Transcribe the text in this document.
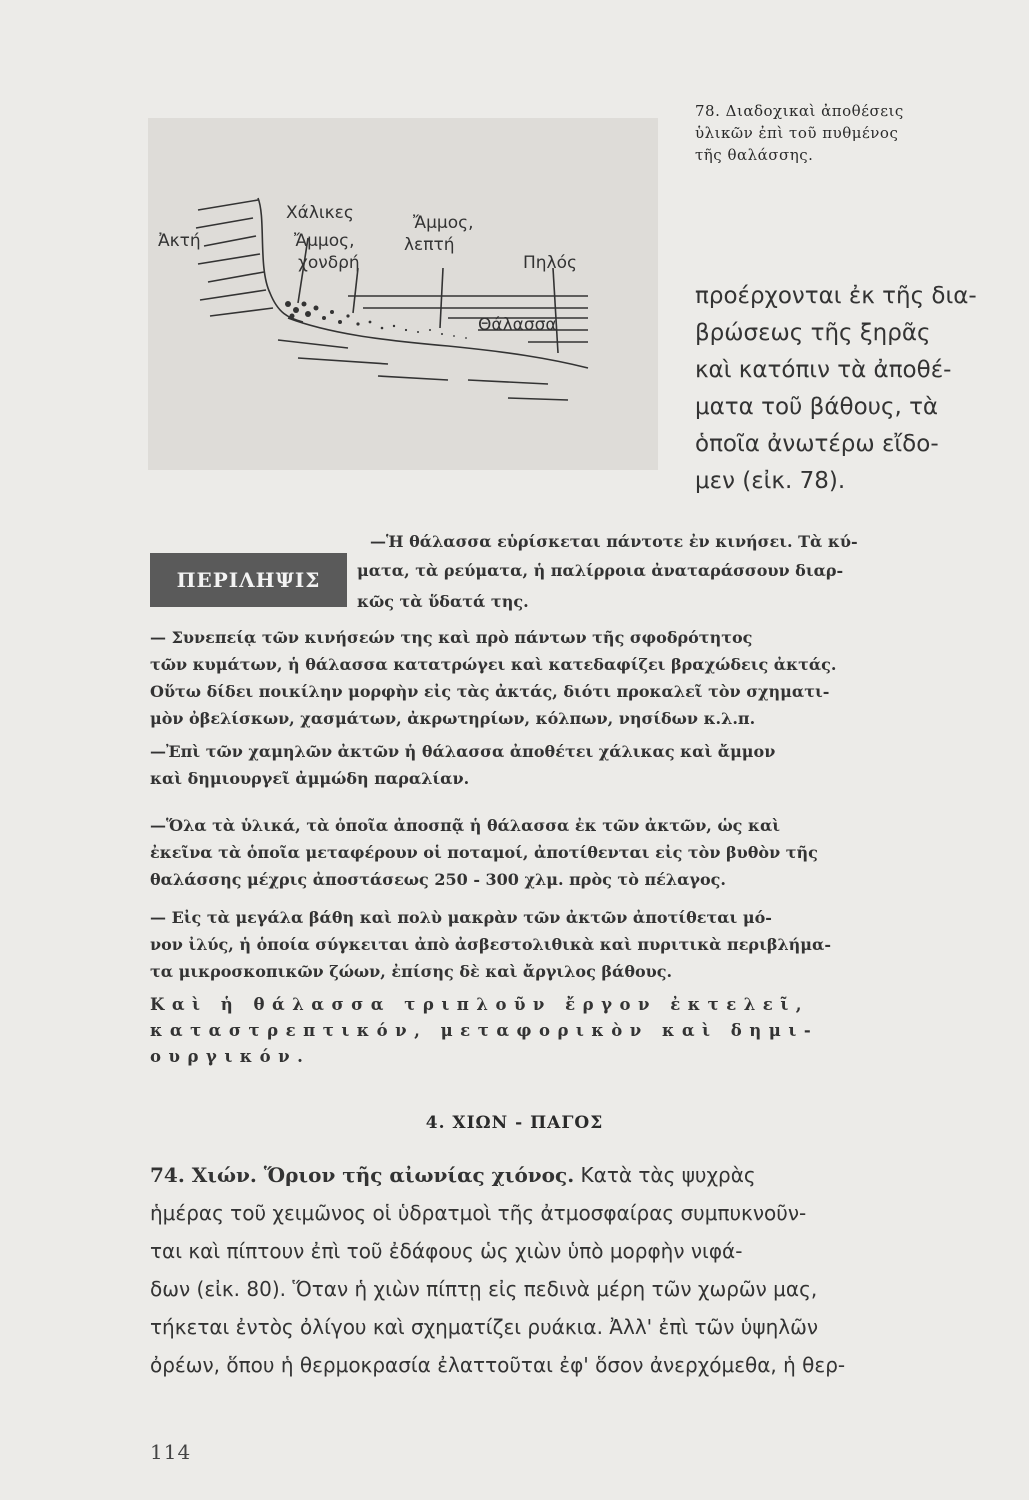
Ἀκτή
Χάλικες
Ἄμμος,
χονδρή
Ἄμμος,
λεπτή
Πηλός
Θάλασσα
78. Διαδοχικαὶ ἀποθέσεις
ὑλικῶν ἐπὶ τοῦ πυθμένος
τῆς θαλάσσης.
προέρχονται ἐκ τῆς δια-
βρώσεως τῆς ξηρᾶς
καὶ κατόπιν τὰ ἀποθέ-
ματα τοῦ βάθους, τὰ
ὁποῖα ἀνωτέρω εἴδο-
μεν (εἰκ. 78).
ΠΕΡΙΛΗΨΙΣ
—Ἡ θάλασσα εὑρίσκεται πάντοτε ἐν κινήσει. Τὰ κύ-
ματα, τὰ ρεύματα, ἡ παλίρροια ἀναταράσσουν διαρ-
κῶς τὰ ὕδατά της.
— Συνεπείᾳ τῶν κινήσεών της καὶ πρὸ πάντων τῆς σφοδρότητος
τῶν κυμάτων, ἡ θάλασσα κατατρώγει καὶ κατεδαφίζει βραχώδεις ἀκτάς.
Οὕτω δίδει ποικίλην μορφὴν εἰς τὰς ἀκτάς, διότι προκαλεῖ τὸν σχηματι-
μὸν ὀβελίσκων, χασμάτων, ἀκρωτηρίων, κόλπων, νησίδων κ.λ.π.
—Ἐπὶ τῶν χαμηλῶν ἀκτῶν ἡ θάλασσα ἀποθέτει χάλικας καὶ ἄμμον
καὶ δημιουργεῖ ἀμμώδη παραλίαν.
—Ὅλα τὰ ὑλικά, τὰ ὁποῖα ἀποσπᾷ ἡ θάλασσα ἐκ τῶν ἀκτῶν, ὡς καὶ
ἐκεῖνα τὰ ὁποῖα μεταφέρουν οἱ ποταμοί, ἀποτίθενται εἰς τὸν βυθὸν τῆς
θαλάσσης μέχρις ἀποστάσεως 250 - 300 χλμ. πρὸς τὸ πέλαγος.
— Εἰς τὰ μεγάλα βάθη καὶ πολὺ μακρὰν τῶν ἀκτῶν ἀποτίθεται μό-
νον ἰλύς, ἡ ὁποία σύγκειται ἀπὸ ἀσβεστολιθικὰ καὶ πυριτικὰ περιβλήμα-
τα μικροσκοπικῶν ζώων, ἐπίσης δὲ καὶ ἄργιλος βάθους.
Καὶ ἡ θάλασσα τριπλοῦν ἔργον ἐκτελεῖ,
καταστρεπτικόν, μεταφορικὸν καὶ δημι-
ουργικόν.
4. ΧΙΩΝ - ΠΑΓΟΣ
74. Χιών. Ὅριον τῆς αἰωνίας χιόνος. Κατὰ τὰς ψυχρὰς
ἡμέρας τοῦ χειμῶνος οἱ ὑδρατμοὶ τῆς ἀτμοσφαίρας συμπυκνοῦν-
ται καὶ πίπτουν ἐπὶ τοῦ ἐδάφους ὡς χιὼν ὑπὸ μορφὴν νιφά-
δων (εἰκ. 80). Ὅταν ἡ χιὼν πίπτῃ εἰς πεδινὰ μέρη τῶν χωρῶν μας,
τήκεται ἐντὸς ὀλίγου καὶ σχηματίζει ρυάκια. Ἀλλ' ἐπὶ τῶν ὑψηλῶν
ὀρέων, ὅπου ἡ θερμοκρασία ἐλαττοῦται ἐφ' ὅσον ἀνερχόμεθα, ἡ θερ-
114
